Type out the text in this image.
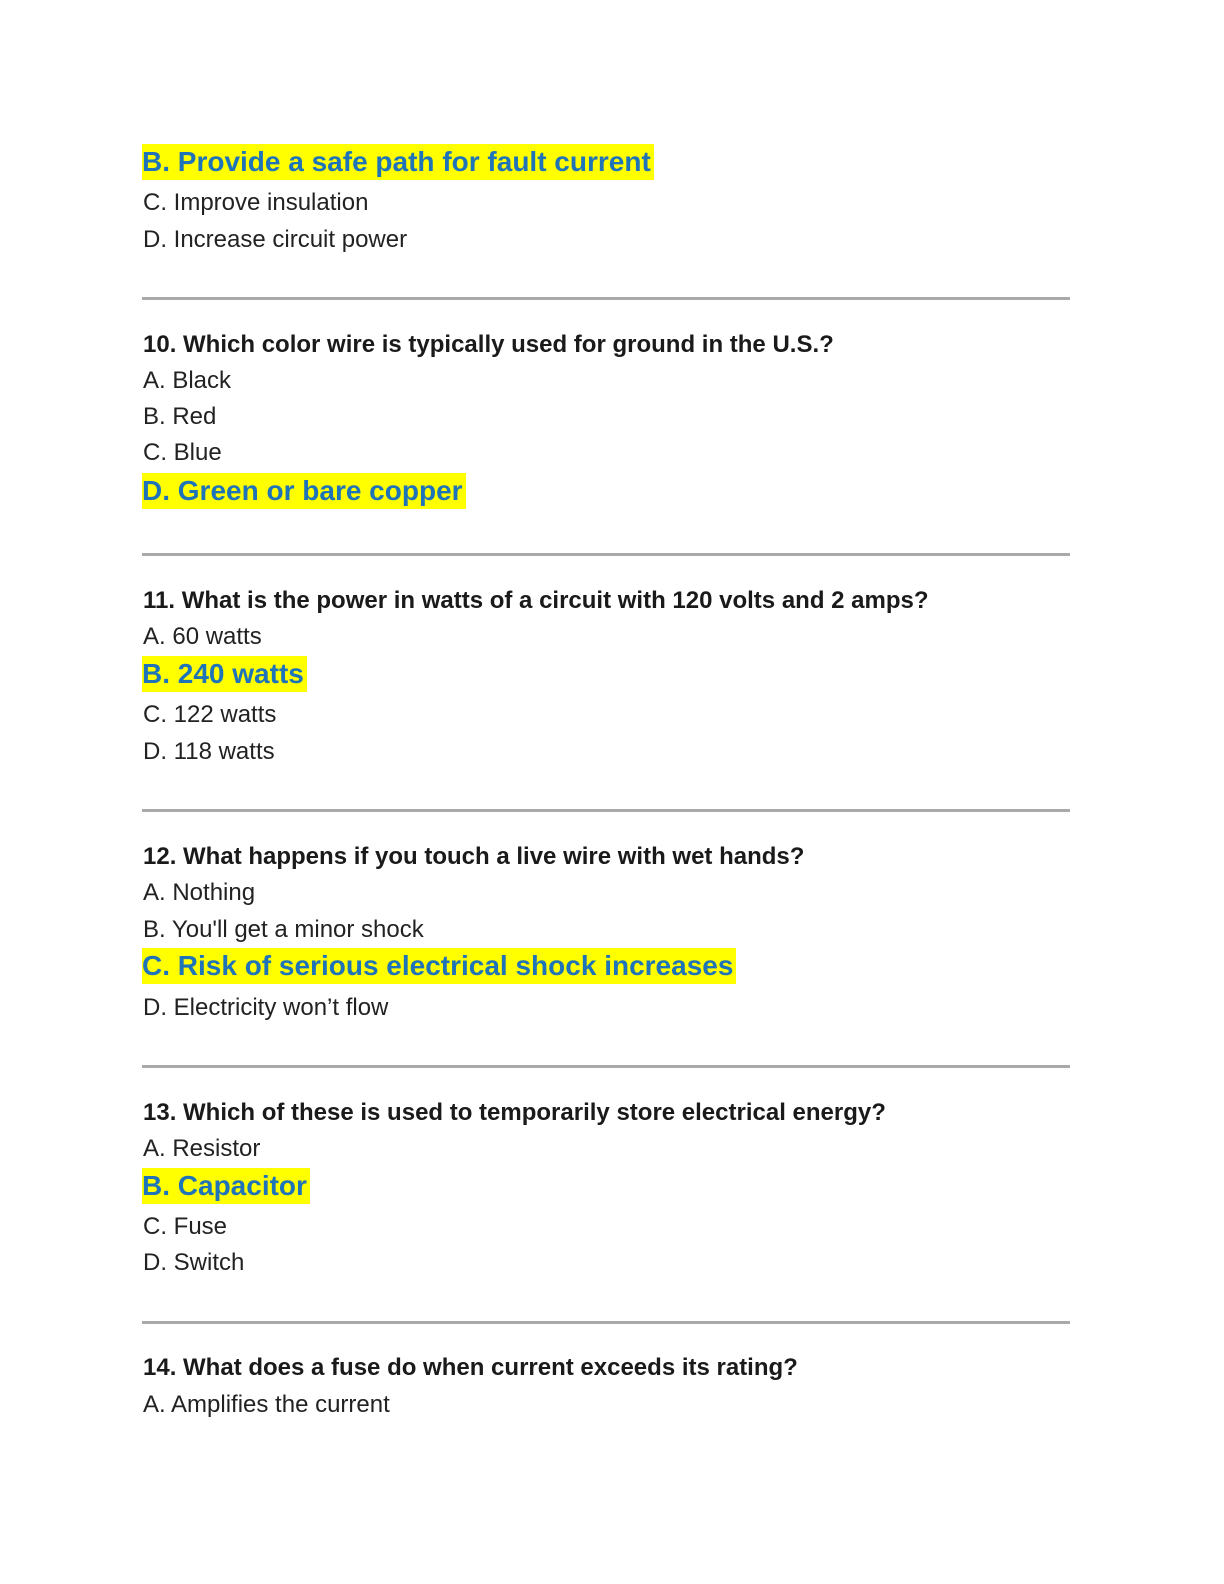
B. Provide a safe path for fault current
C. Improve insulation
D. Increase circuit power
10. Which color wire is typically used for ground in the U.S.?
A. Black
B. Red
C. Blue
D. Green or bare copper
11. What is the power in watts of a circuit with 120 volts and 2 amps?
A. 60 watts
B. 240 watts
C. 122 watts
D. 118 watts
12. What happens if you touch a live wire with wet hands?
A. Nothing
B. You'll get a minor shock
C. Risk of serious electrical shock increases
D. Electricity won’t flow
13. Which of these is used to temporarily store electrical energy?
A. Resistor
B. Capacitor
C. Fuse
D. Switch
14. What does a fuse do when current exceeds its rating?
A. Amplifies the current
